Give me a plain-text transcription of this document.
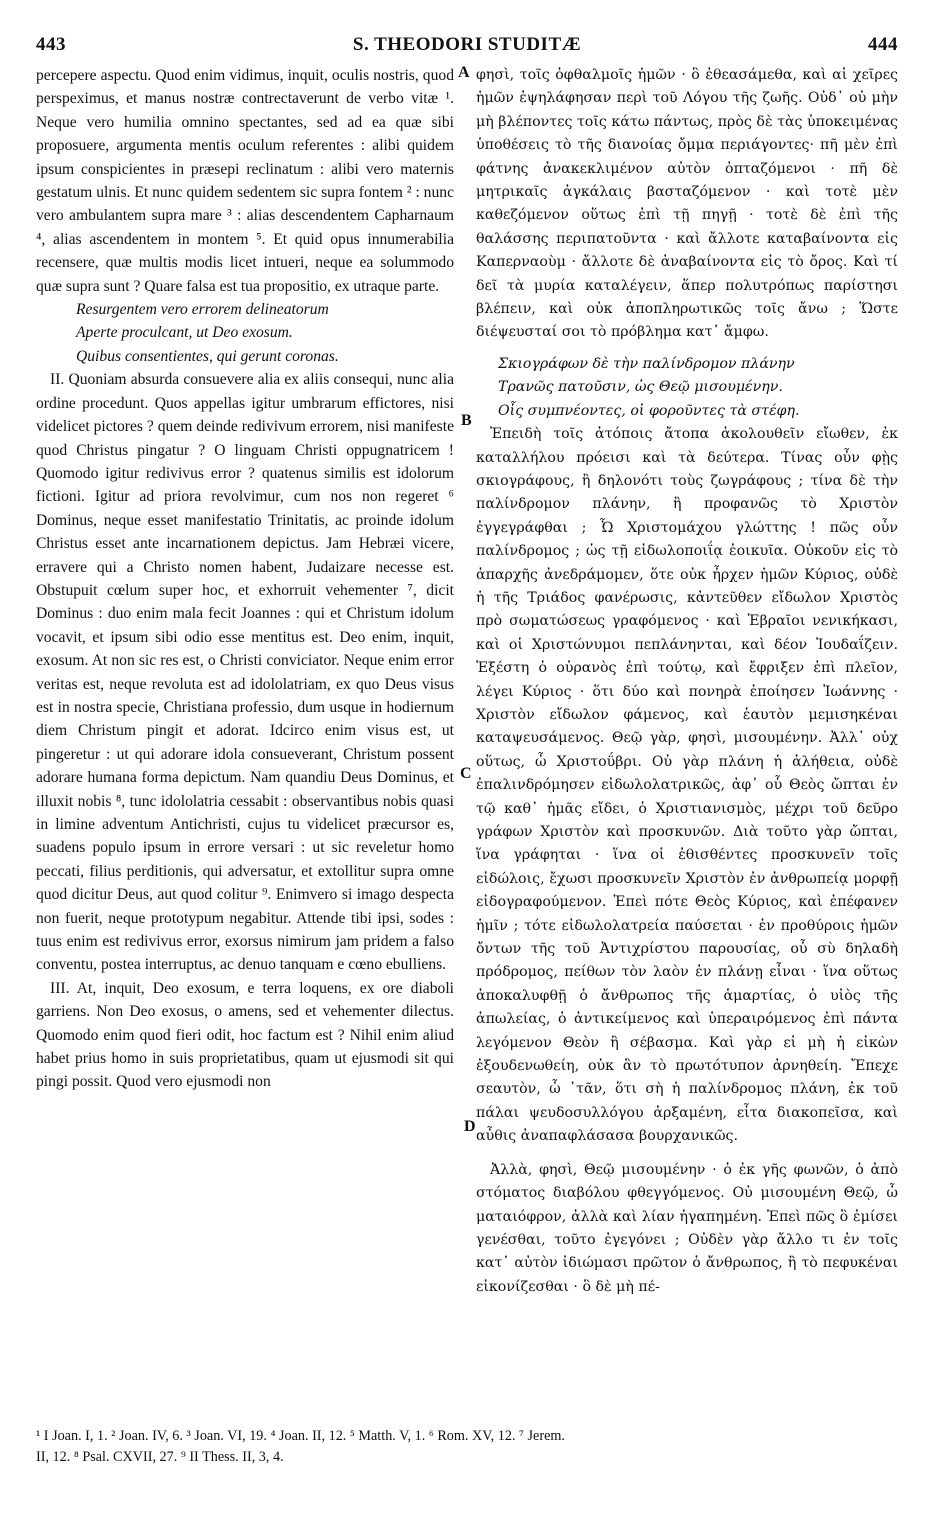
443	S. THEODORI STUDITÆ	444

percepere aspectu. Quod enim vidimus, inquit, oculis nostris, quod perspeximus, et manus nostræ contrectaverunt de verbo vitæ ¹. Neque vero humilia omnino spectantes, sed ad ea quæ sibi proposuere, argumenta mentis oculum referentes : alibi quidem ipsum conspicientes in præsepi reclinatum : alibi vero maternis gestatum ulnis. Et nunc quidem sedentem sic supra fontem ² : nunc vero ambulantem supra mare ³ : alias descendentem Capharnaum ⁴, alias ascendentem in montem ⁵. Et quid opus innumerabilia recensere, quæ multis modis licet intueri, neque ea solummodo quæ supra sunt ? Quare falsa est tua propositio, ex utraque parte.

Resurgentem vero errorem delineatorum

Aperte proculcant, ut Deo exosum.

Quibus consentientes, qui gerunt coronas.

II. Quoniam absurda consuevere alia ex aliis consequi, nunc alia ordine procedunt. Quos appellas igitur umbrarum effictores, nisi videlicet pictores ? quem deinde redivivum errorem, nisi manifeste quod Christus pingatur ? O linguam Christi oppugnatricem ! Quomodo igitur redivivus error ? quatenus similis est idolorum fictioni. Igitur ad priora revolvimur, cum nos non regeret ⁶ Dominus, neque esset manifestatio Trinitatis, ac proinde idolum Christus esset ante incarnationem depictus. Jam Hebræi vicere, erravere qui a Christo nomen habent, Judaizare necesse est. Obstupuit cœlum super hoc, et exhorruit vehementer ⁷, dicit Dominus : duo enim mala fecit Joannes : qui et Christum idolum vocavit, et ipsum sibi odio esse mentitus est. Deo enim, inquit, exosum. At non sic res est, o Christi conviciator. Neque enim error veritas est, neque revoluta est ad idololatriam, ex quo Deus visus est in nostra specie, Christiana professio, dum usque in hodiernum diem Christum pingit et adorat. Idcirco enim visus est, ut pingeretur : ut qui adorare idola consueverant, Christum possent adorare humana forma depictum. Nam quandiu Deus Dominus, et illuxit nobis ⁸, tunc idololatria cessabit : observantibus nobis quasi in limine adventum Antichristi, cujus tu videlicet præcursor es, suadens populo ipsum in errore versari : ut sic reveletur homo peccati, filius perditionis, qui adversatur, et extollitur supra omne quod dicitur Deus, aut quod colitur ⁹. Enimvero si imago despecta non fuerit, neque prototypum negabitur. Attende tibi ipsi, sodes : tuus enim est redivivus error, exorsus nimirum jam pridem a falso conventu, postea interruptus, ac denuo tanquam e cœno ebulliens.

III. At, inquit, Deo exosum, e terra loquens, ex ore diaboli garriens. Non Deo exosus, o amens, sed et vehementer dilectus. Quomodo enim quod fieri odit, hoc factum est ? Nihil enim aliud habet prius homo in suis proprietatibus, quam ut ejusmodi sit qui pingi possit. Quod vero ejusmodi non

A
B
C
D

φησὶ, τοῖς ὀφθαλμοῖς ἡμῶν · ὃ ἐθεασάμεθα, καὶ αἱ χεῖρες ἡμῶν ἐψηλάφησαν περὶ τοῦ Λόγου τῆς ζωῆς. Οὐδ᾽ οὐ μὴν μὴ βλέποντες τοῖς κάτω πάντως, πρὸς δὲ τὰς ὑποκειμένας ὑποθέσεις τὸ τῆς διανοίας ὄμμα περιάγοντες· πῆ μὲν ἐπὶ φάτνης ἀνακεκλιμένον αὐτὸν ὀπταζόμενοι · πῆ δὲ μητρικαῖς ἀγκάλαις βασταζόμενον · καὶ τοτὲ μὲν καθεζόμενον οὕτως ἐπὶ τῇ πηγῇ · τοτὲ δὲ ἐπὶ τῆς θαλάσσης περιπατοῦντα · καὶ ἄλλοτε καταβαίνοντα εἰς Καπερναοὺμ · ἄλλοτε δὲ ἀναβαίνοντα εἰς τὸ ὄρος. Καὶ τί δεῖ τὰ μυρία καταλέγειν, ἅπερ πολυτρόπως παρίστησι βλέπειν, καὶ οὐκ ἀποπληρωτικῶς τοῖς ἄνω ; Ὥστε διέψευσταί σοι τὸ πρόβλημα κατ᾽ ἄμφω.

Σκιογράφων δὲ τὴν παλίνδρομον πλάνην

Τρανῶς πατοῦσιν, ὡς Θεῷ μισουμένην.

Οἷς συμπνέοντες, οἱ φοροῦντες τὰ στέφη.

Ἐπειδὴ τοῖς ἀτόποις ἄτοπα ἀκολουθεῖν εἴωθεν, ἐκ καταλλήλου πρόεισι καὶ τὰ δεύτερα. Τίνας οὖν φῂς σκιογράφους, ἢ δηλονότι τοὺς ζωγράφους ; τίνα δὲ τὴν παλίνδρομον πλάνην, ἢ προφανῶς τὸ Χριστὸν ἐγγεγράφθαι ; Ὦ Χριστομάχου γλώττης ! πῶς οὖν παλίνδρομος ; ὡς τῇ εἰδωλοποιΐᾳ ἐοικυῖα. Οὐκοῦν εἰς τὸ ἀπαρχῆς ἀνεδράμομεν, ὅτε οὐκ ἦρχεν ἡμῶν Κύριος, οὐδὲ ἡ τῆς Τριάδος φανέρωσις, κἀντεῦθεν εἴδωλον Χριστὸς πρὸ σωματώσεως γραφόμενος · καὶ Ἑβραῖοι νενικήκασι, καὶ οἱ Χριστώνυμοι πεπλάνηνται, καὶ δέον Ἰουδαΐζειν. Ἐξέστη ὁ οὐρανὸς ἐπὶ τούτῳ, καὶ ἔφριξεν ἐπὶ πλεῖον, λέγει Κύριος · ὅτι δύο καὶ πονηρὰ ἐποίησεν Ἰωάννης · Χριστὸν εἴδωλον φάμενος, καὶ ἑαυτὸν μεμισηκέναι καταψευσάμενος. Θεῷ γὰρ, φησὶ, μισουμένην. Ἀλλ᾽ οὐχ οὕτως, ὦ Χριστοΰβρι. Οὐ γὰρ πλάνη ἡ ἀλήθεια, οὐδὲ ἐπαλινδρόμησεν εἰδωλολατρικῶς, ἀφ᾽ οὗ Θεὸς ὤπται ἐν τῷ καθ᾽ ἡμᾶς εἴδει, ὁ Χριστιανισμὸς, μέχρι τοῦ δεῦρο γράφων Χριστὸν καὶ προσκυνῶν. Διὰ τοῦτο γὰρ ὤπται, ἵνα γράφηται · ἵνα οἱ ἐθισθέντες προσκυνεῖν τοῖς εἰδώλοις, ἔχωσι προσκυνεῖν Χριστὸν ἐν ἀνθρωπείᾳ μορφῇ εἰδογραφούμενον. Ἐπεὶ πότε Θεὸς Κύριος, καὶ ἐπέφανεν ἡμῖν ; τότε εἰδωλολατρεία παύσεται · ἐν προθύροις ἡμῶν ὄντων τῆς τοῦ Ἀντιχρίστου παρουσίας, οὗ σὺ δηλαδὴ πρόδρομος, πείθων τὸν λαὸν ἐν πλάνῃ εἶναι · ἵνα οὕτως ἀποκαλυφθῇ ὁ ἄνθρωπος τῆς ἁμαρτίας, ὁ υἱὸς τῆς ἀπωλείας, ὁ ἀντικείμενος καὶ ὑπεραιρόμενος ἐπὶ πάντα λεγόμενον Θεὸν ἢ σέβασμα. Καὶ γὰρ εἰ μὴ ἡ εἰκὼν ἐξουδενωθείη, οὐκ ἂν τὸ πρωτότυπον ἀρνηθείη. Ἔπεχε σεαυτὸν, ὦ ᾽τᾶν, ὅτι σὴ ἡ παλίνδρομος πλάνη, ἐκ τοῦ πάλαι ψευδοσυλλόγου ἀρξαμένη, εἶτα διακοπεῖσα, καὶ αὖθις ἀναπαφλάσασα βουρχανικῶς.

Ἀλλὰ, φησὶ, Θεῷ μισουμένην · ὁ ἐκ γῆς φωνῶν, ὁ ἀπὸ στόματος διαβόλου φθεγγόμενος. Οὐ μισουμένη Θεῷ, ὦ ματαιόφρον, ἀλλὰ καὶ λίαν ἠγαπημένη. Ἐπεὶ πῶς ὃ ἐμίσει γενέσθαι, τοῦτο ἐγεγόνει ; Οὐδὲν γὰρ ἄλλο τι ἐν τοῖς κατ᾽ αὐτὸν ἰδιώμασι πρῶτον ὁ ἄνθρωπος, ἢ τὸ πεφυκέναι εἰκονίζεσθαι · ὃ δὲ μὴ πέ-

¹ I Joan. I, 1. ² Joan. IV, 6. ³ Joan. VI, 19. ⁴ Joan. II, 12. ⁵ Matth. V, 1. ⁶ Rom. XV, 12. ⁷ Jerem.

II, 12. ⁸ Psal. CXVII, 27. ⁹ II Thess. II, 3, 4.
